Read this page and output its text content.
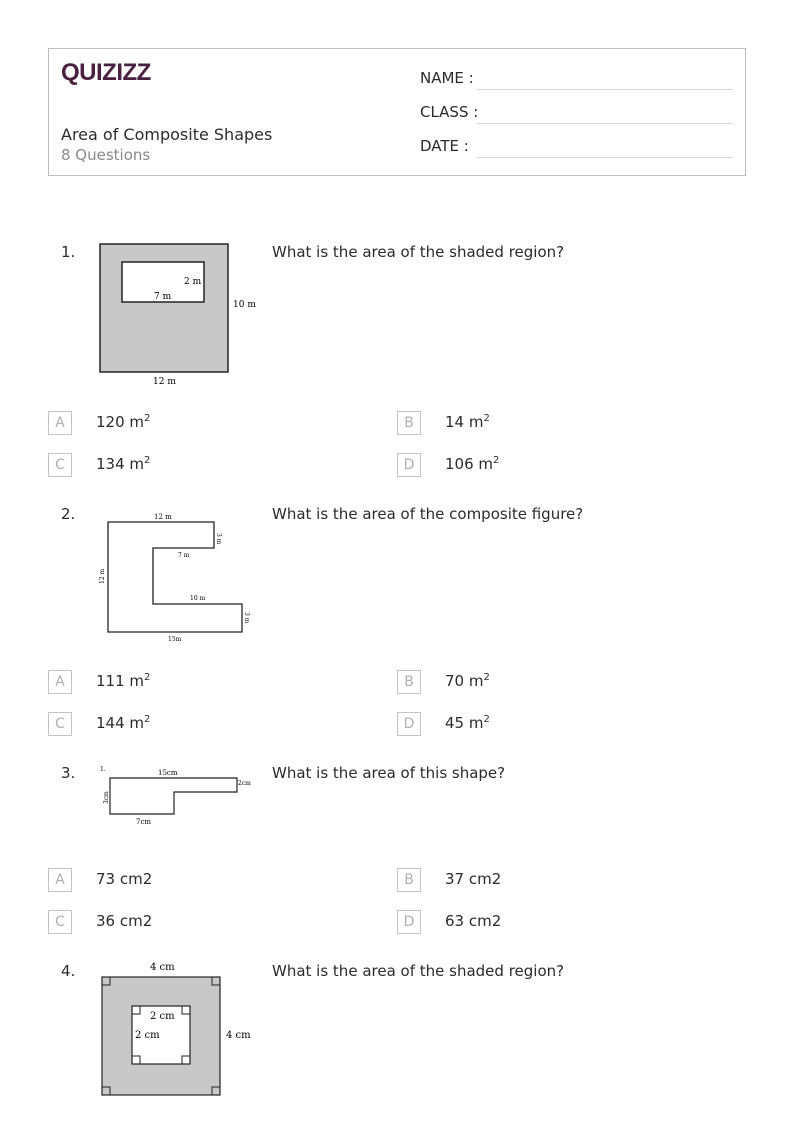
QUIZIZZ
Area of Composite Shapes
8 Questions
NAME :
CLASS :
DATE :
1.
2 m
7 m
10 m
12 m
What is the area of the shaded region?
A	120 $m^2$	B	14 $m^2$
C	134 $m^2$	D	106 $m^2$
2.	12 m
3 m
7 m
12 m
10 m
3 m
15m
What is the area of the composite figure?
A	111 $m^2$	B	70 $m^2$
C	144 $m^2$	D	45 $m^2$
3.	1.	15cm
2cm
3cm
7cm
What is the area of this shape?
A	73 cm2	B	37 cm2
C	36 cm2	D	63 cm2
4.	4 cm
4 cm
2 cm
2 cm
What is the area of the shaded region?
